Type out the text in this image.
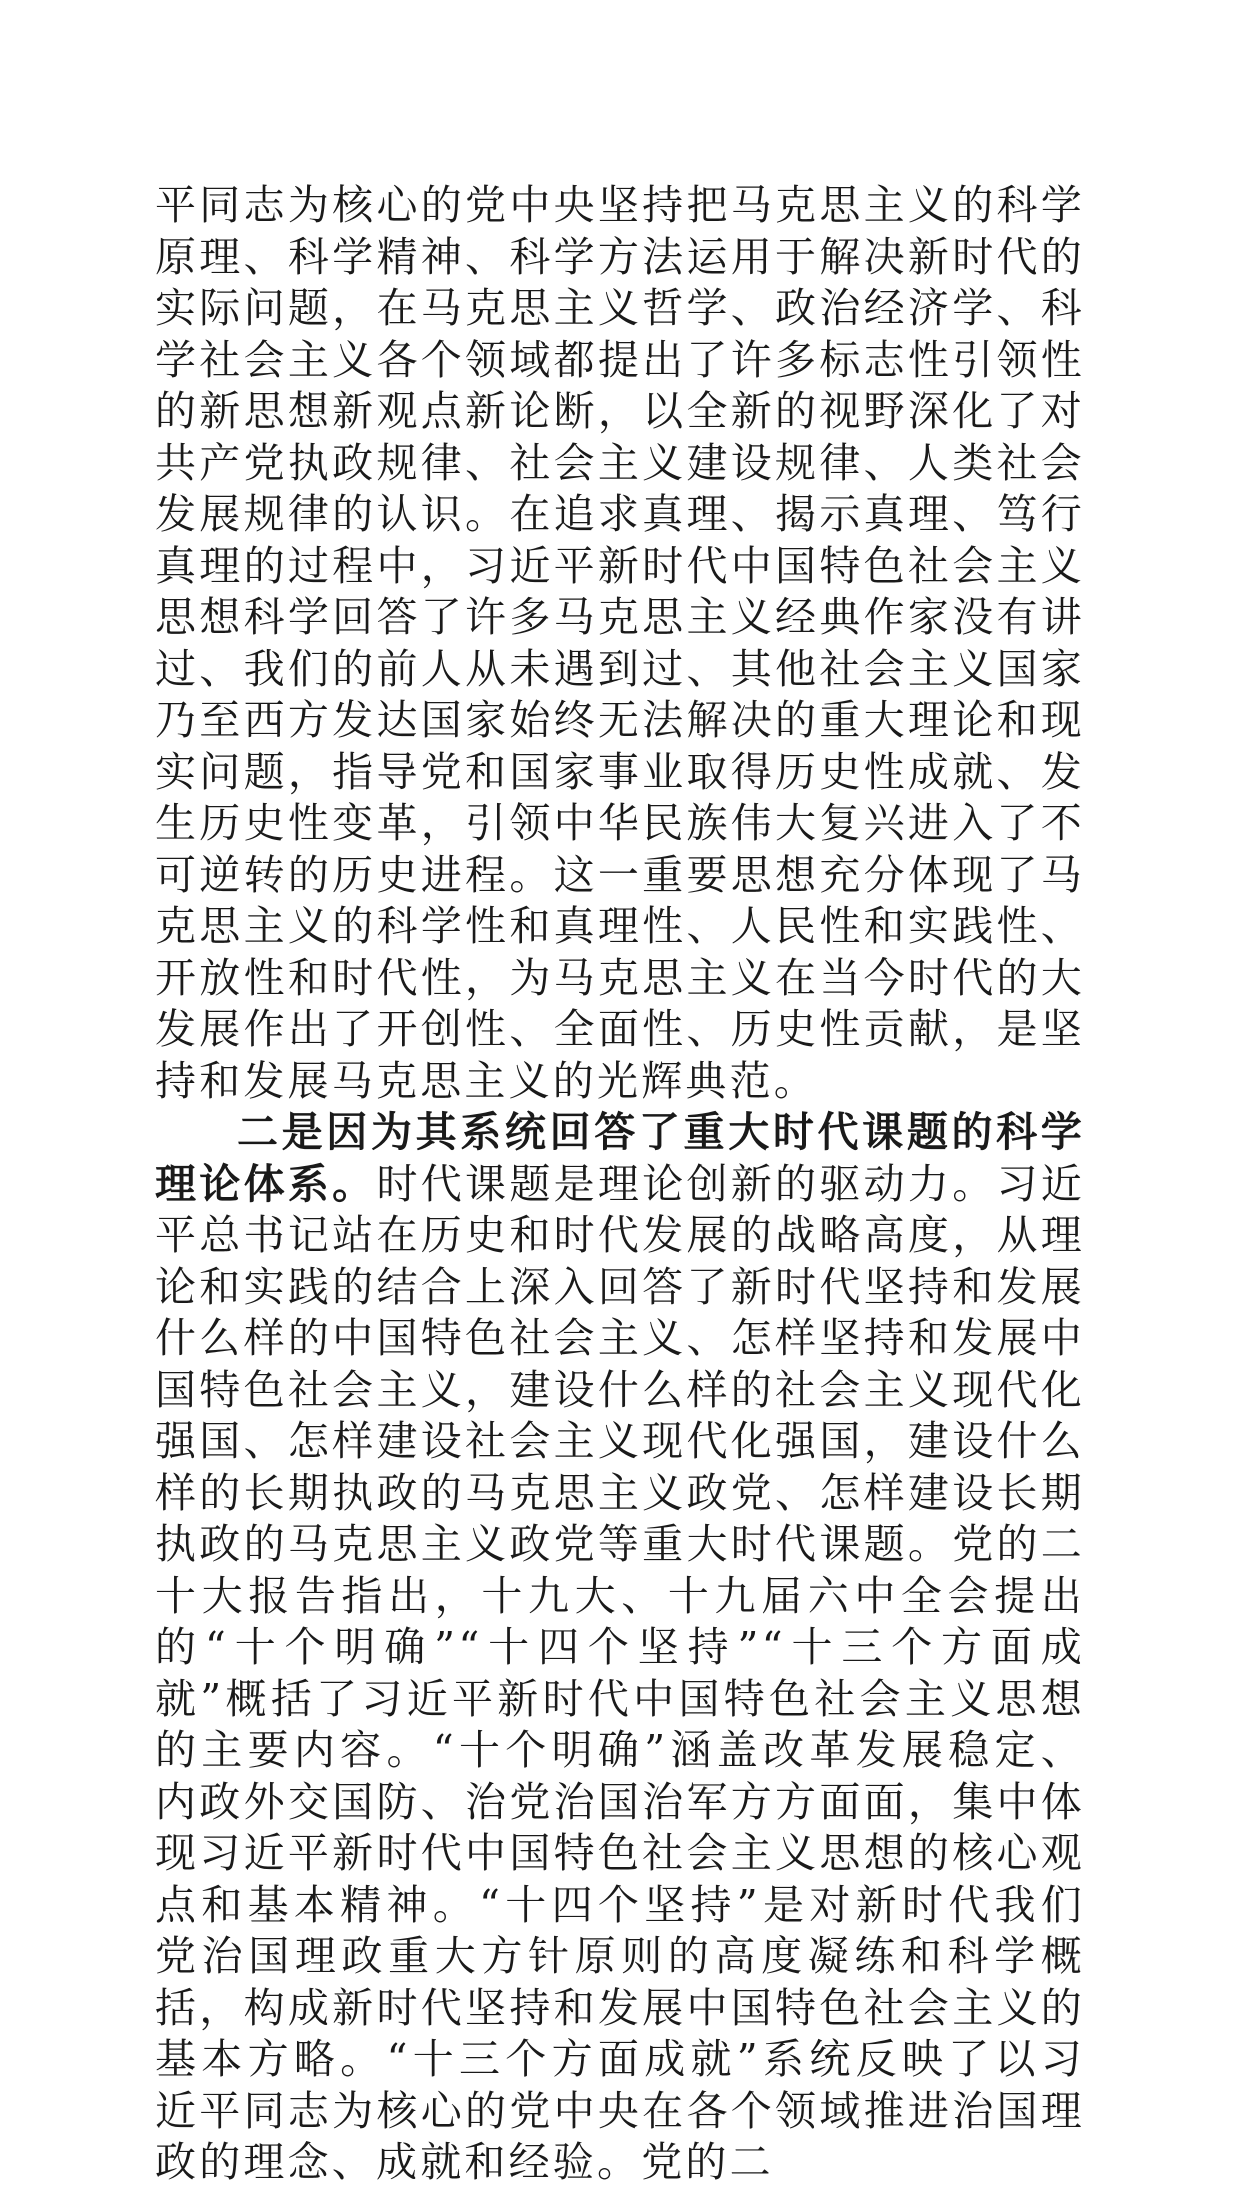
平同志为核心的党中央坚持把马克思主义的科学原理、科学精神、科学方法运用于解决新时代的实际问题，在马克思主义哲学、政治经济学、科学社会主义各个领域都提出了许多标志性引领性的新思想新观点新论断，以全新的视野深化了对共产党执政规律、社会主义建设规律、人类社会发展规律的认识。在追求真理、揭示真理、笃行真理的过程中，习近平新时代中国特色社会主义思想科学回答了许多马克思主义经典作家没有讲过、我们的前人从未遇到过、其他社会主义国家乃至西方发达国家始终无法解决的重大理论和现实问题，指导党和国家事业取得历史性成就、发生历史性变革，引领中华民族伟大复兴进入了不可逆转的历史进程。这一重要思想充分体现了马克思主义的科学性和真理性、人民性和实践性、开放性和时代性，为马克思主义在当今时代的大发展作出了开创性、全面性、历史性贡献，是坚持和发展马克思主义的光辉典范。

二是因为其系统回答了重大时代课题的科学理论体系。时代课题是理论创新的驱动力。习近平总书记站在历史和时代发展的战略高度，从理论和实践的结合上深入回答了新时代坚持和发展什么样的中国特色社会主义、怎样坚持和发展中国特色社会主义，建设什么样的社会主义现代化强国、怎样建设社会主义现代化强国，建设什么样的长期执政的马克思主义政党、怎样建设长期执政的马克思主义政党等重大时代课题。党的二十大报告指出，十九大、十九届六中全会提出的“十个明确”“十四个坚持”“十三个方面成就”概括了习近平新时代中国特色社会主义思想的主要内容。“十个明确”涵盖改革发展稳定、内政外交国防、治党治国治军方方面面，集中体现习近平新时代中国特色社会主义思想的核心观点和基本精神。“十四个坚持”是对新时代我们党治国理政重大方针原则的高度凝练和科学概括，构成新时代坚持和发展中国特色社会主义的基本方略。“十三个方面成就”系统反映了以习近平同志为核心的党中央在各个领域推进治国理政的理念、成就和经验。党的二
